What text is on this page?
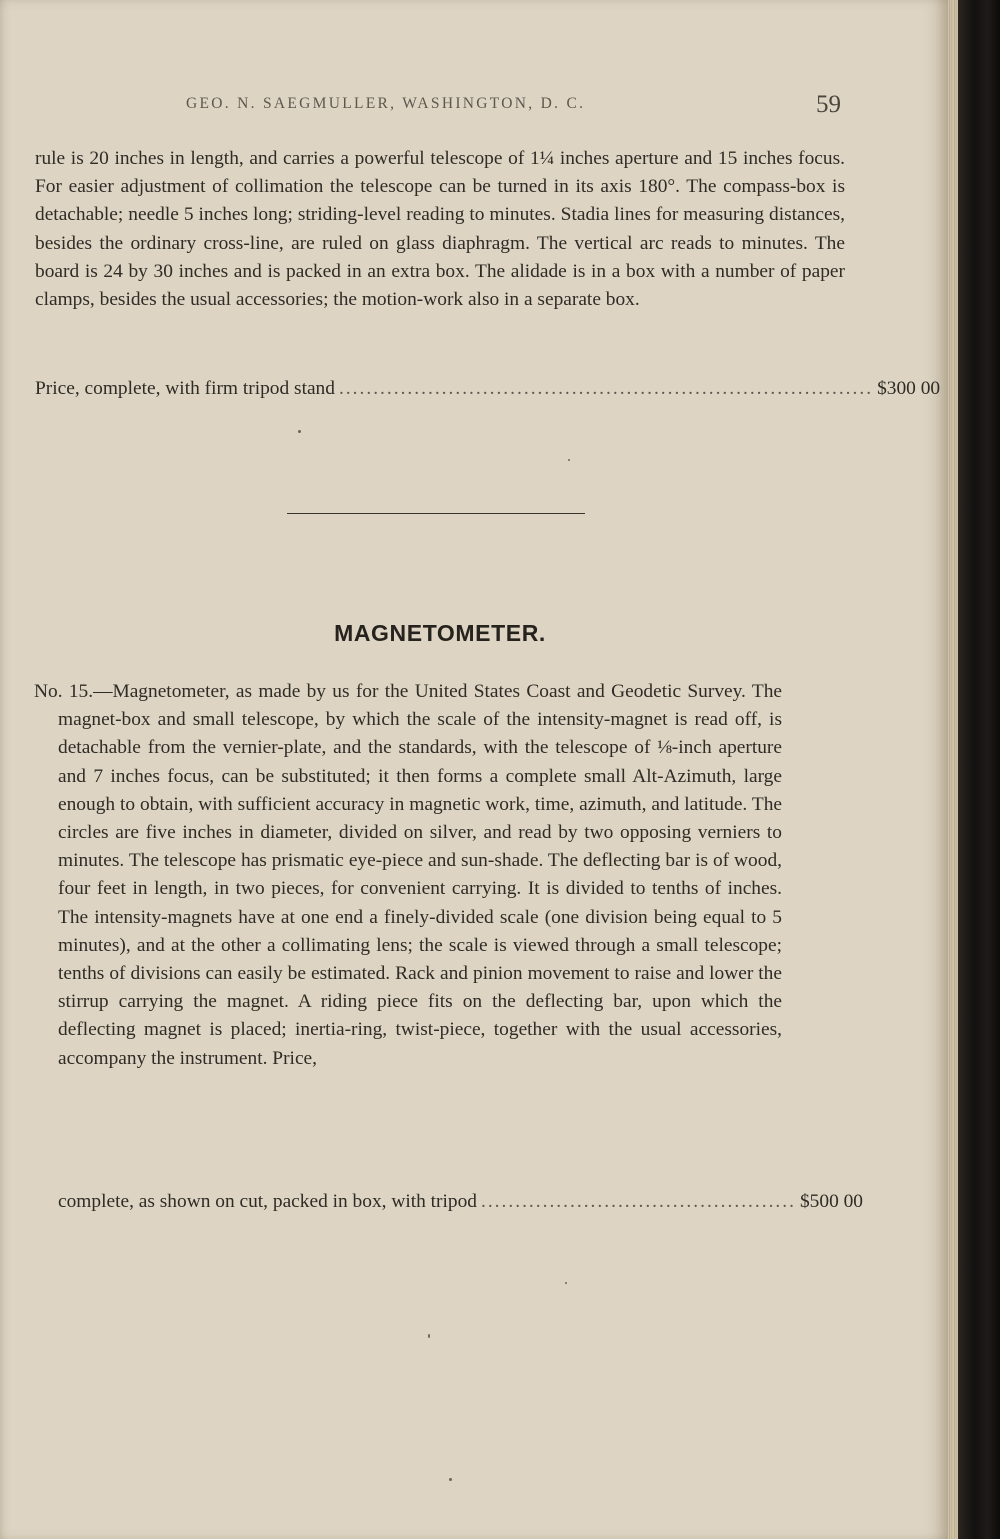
GEO. N. SAEGMULLER, WASHINGTON, D. C.	59

rule is 20 inches in length, and carries a powerful telescope of 1¼ inches aperture and 15 inches focus. For easier adjustment of collimation the telescope can be turned in its axis 180°. The compass-box is detachable; needle 5 inches long; striding-level reading to minutes. Stadia lines for measuring distances, besides the ordinary cross-line, are ruled on glass diaphragm. The vertical arc reads to minutes. The board is 24 by 30 inches and is packed in an extra box. The alidade is in a box with a number of paper clamps, besides the usual accessories; the motion-work also in a separate box.

Price, complete, with firm tripod stand .............................................................................. $300 00
MAGNETOMETER.

No. 15.—Magnetometer, as made by us for the United States Coast and Geodetic Survey. The magnet-box and small telescope, by which the scale of the intensity-magnet is read off, is detachable from the vernier-plate, and the standards, with the telescope of ⅛-inch aperture and 7 inches focus, can be substituted; it then forms a complete small Alt-Azimuth, large enough to obtain, with sufficient accuracy in magnetic work, time, azimuth, and latitude. The circles are five inches in diameter, divided on silver, and read by two opposing verniers to minutes. The telescope has prismatic eye-piece and sun-shade. The deflecting bar is of wood, four feet in length, in two pieces, for convenient carrying. It is divided to tenths of inches. The intensity-magnets have at one end a finely-divided scale (one division being equal to 5 minutes), and at the other a collimating lens; the scale is viewed through a small telescope; tenths of divisions can easily be estimated. Rack and pinion movement to raise and lower the stirrup carrying the magnet. A riding piece fits on the deflecting bar, upon which the deflecting magnet is placed; inertia-ring, twist-piece, together with the usual accessories, accompany the instrument. Price,

complete, as shown on cut, packed in box, with tripod .............................................. $500 00
